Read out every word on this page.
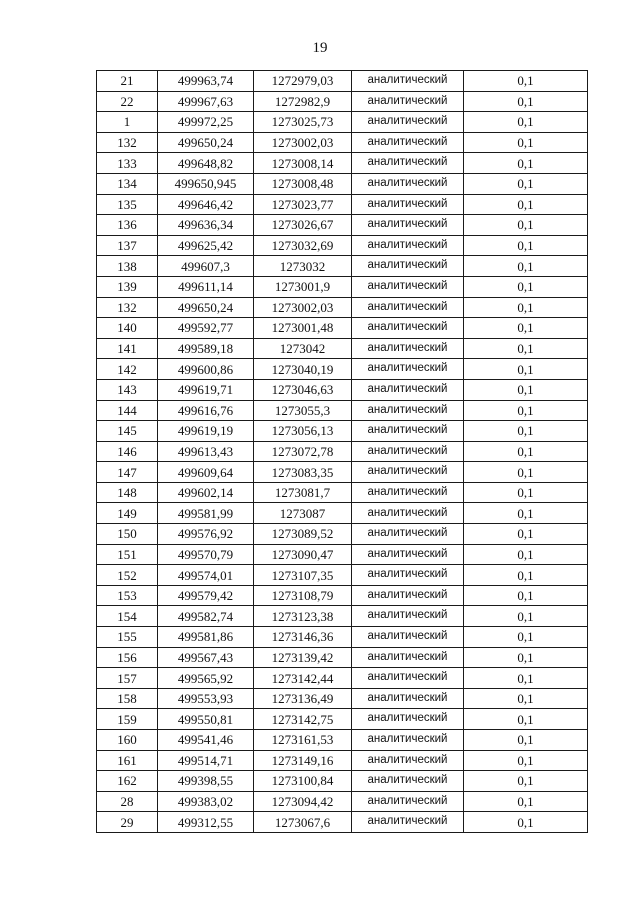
19
21	499963,74	1272979,03	аналитический	0,1
22	499967,63	1272982,9	аналитический	0,1
1	499972,25	1273025,73	аналитический	0,1
132	499650,24	1273002,03	аналитический	0,1
133	499648,82	1273008,14	аналитический	0,1
134	499650,945	1273008,48	аналитический	0,1
135	499646,42	1273023,77	аналитический	0,1
136	499636,34	1273026,67	аналитический	0,1
137	499625,42	1273032,69	аналитический	0,1
138	499607,3	1273032	аналитический	0,1
139	499611,14	1273001,9	аналитический	0,1
132	499650,24	1273002,03	аналитический	0,1
140	499592,77	1273001,48	аналитический	0,1
141	499589,18	1273042	аналитический	0,1
142	499600,86	1273040,19	аналитический	0,1
143	499619,71	1273046,63	аналитический	0,1
144	499616,76	1273055,3	аналитический	0,1
145	499619,19	1273056,13	аналитический	0,1
146	499613,43	1273072,78	аналитический	0,1
147	499609,64	1273083,35	аналитический	0,1
148	499602,14	1273081,7	аналитический	0,1
149	499581,99	1273087	аналитический	0,1
150	499576,92	1273089,52	аналитический	0,1
151	499570,79	1273090,47	аналитический	0,1
152	499574,01	1273107,35	аналитический	0,1
153	499579,42	1273108,79	аналитический	0,1
154	499582,74	1273123,38	аналитический	0,1
155	499581,86	1273146,36	аналитический	0,1
156	499567,43	1273139,42	аналитический	0,1
157	499565,92	1273142,44	аналитический	0,1
158	499553,93	1273136,49	аналитический	0,1
159	499550,81	1273142,75	аналитический	0,1
160	499541,46	1273161,53	аналитический	0,1
161	499514,71	1273149,16	аналитический	0,1
162	499398,55	1273100,84	аналитический	0,1
28	499383,02	1273094,42	аналитический	0,1
29	499312,55	1273067,6	аналитический	0,1
